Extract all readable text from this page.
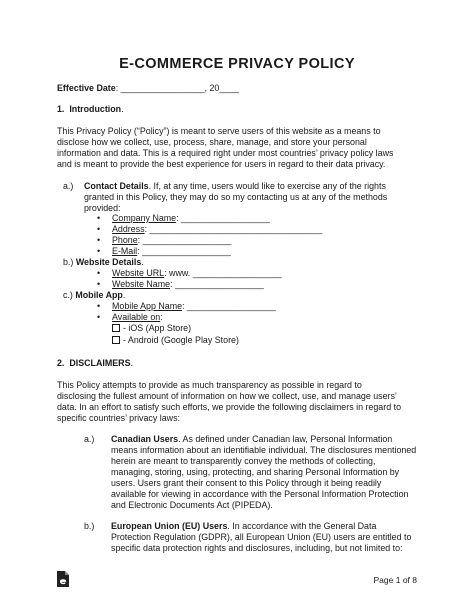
E-COMMERCE PRIVACY POLICY
Effective Date: _________________, 20____
1. Introduction.
This Privacy Policy (“Policy”) is meant to serve users of this website as a means to
disclose how we collect, use, process, share, manage, and store your personal
information and data. This is a required right under most countries’ privacy policy laws
and is meant to provide the best experience for users in regard to their data privacy.
a.) Contact Details. If, at any time, users would like to exercise any of the rights
granted in this Policy, they may do so my contacting us at any of the methods
provided:
• Company Name: __________________
• Address: ___________________________________
• Phone: __________________
• E-Mail: __________________
b.) Website Details.
• Website URL: www. __________________
• Website Name: __________________
c.) Mobile App.
• Mobile App Name: __________________
• Available on:
- iOS (App Store)
- Android (Google Play Store)
2. DISCLAIMERS.
This Policy attempts to provide as much transparency as possible in regard to
disclosing the fullest amount of information on how we collect, use, and manage users’
data. In an effort to satisfy such efforts, we provide the following disclaimers in regard to
specific countries’ privacy laws:
a.) Canadian Users. As defined under Canadian law, Personal Information
means information about an identifiable individual. The disclosures mentioned
herein are meant to transparently convey the methods of collecting,
managing, storing, using, protecting, and sharing Personal Information by
users. Users grant their consent to this Policy through it being readily
available for viewing in accordance with the Personal Information Protection
and Electronic Documents Act (PIPEDA).
b.) European Union (EU) Users. In accordance with the General Data
Protection Regulation (GDPR), all European Union (EU) users are entitled to
specific data protection rights and disclosures, including, but not limited to:
Page 1 of 8
